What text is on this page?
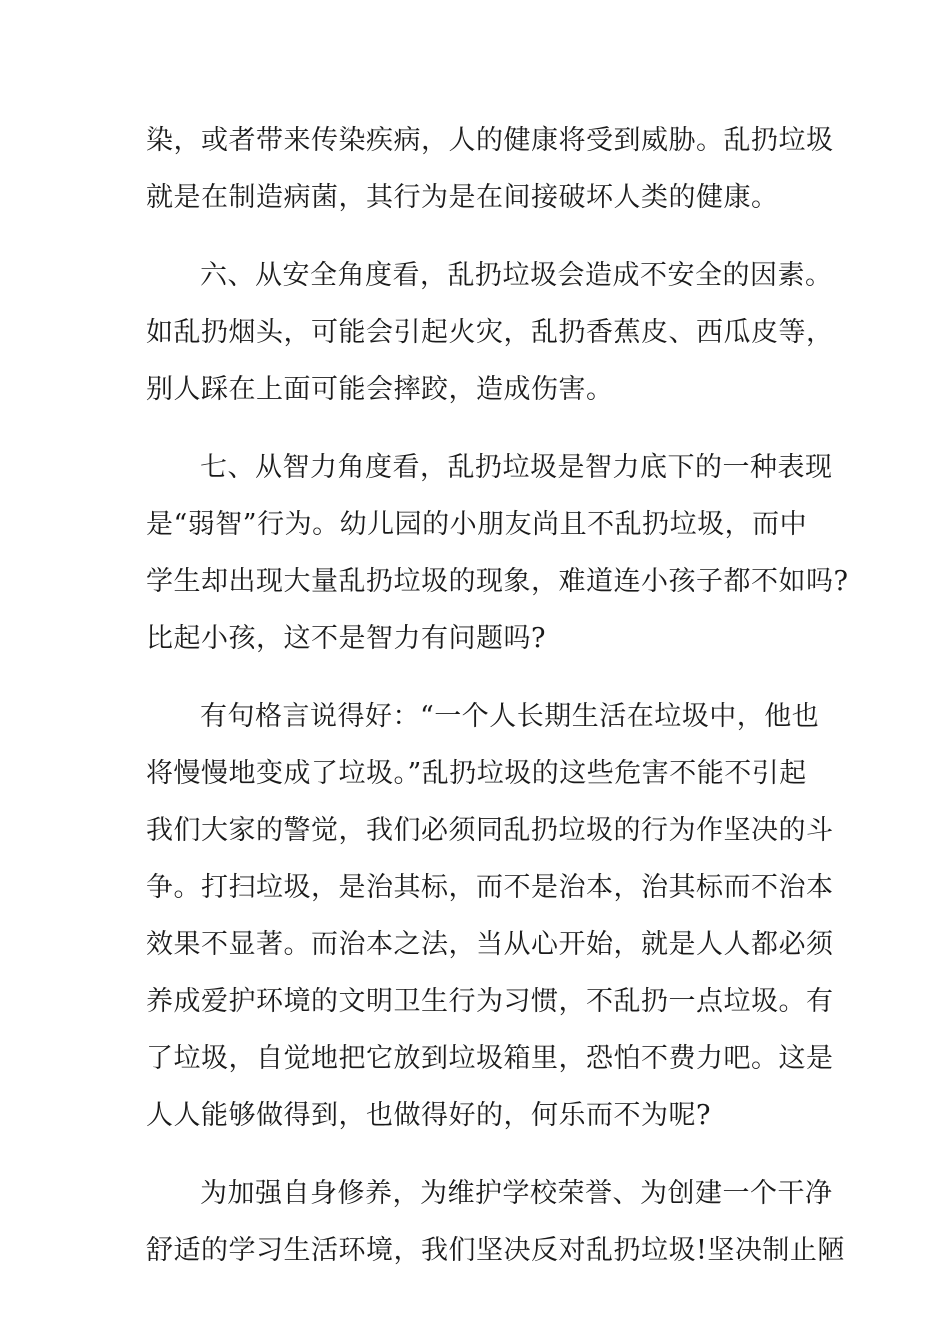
染，或者带来传染疾病，人的健康将受到威胁。乱扔垃圾
就是在制造病菌，其行为是在间接破坏人类的健康。
六、从安全角度看，乱扔垃圾会造成不安全的因素。
如乱扔烟头，可能会引起火灾，乱扔香蕉皮、西瓜皮等，
别人踩在上面可能会摔跤，造成伤害。
七、从智力角度看，乱扔垃圾是智力底下的一种表现
是“弱智”行为。幼儿园的小朋友尚且不乱扔垃圾，而中
学生却出现大量乱扔垃圾的现象，难道连小孩子都不如吗?
比起小孩，这不是智力有问题吗?
有句格言说得好：“一个人长期生活在垃圾中，他也
将慢慢地变成了垃圾。”乱扔垃圾的这些危害不能不引起
我们大家的警觉，我们必须同乱扔垃圾的行为作坚决的斗
争。打扫垃圾，是治其标，而不是治本，治其标而不治本
效果不显著。而治本之法，当从心开始，就是人人都必须
养成爱护环境的文明卫生行为习惯，不乱扔一点垃圾。有
了垃圾，自觉地把它放到垃圾箱里，恐怕不费力吧。这是
人人能够做得到，也做得好的，何乐而不为呢?
为加强自身修养，为维护学校荣誉、为创建一个干净
舒适的学习生活环境，我们坚决反对乱扔垃圾!坚决制止陋
